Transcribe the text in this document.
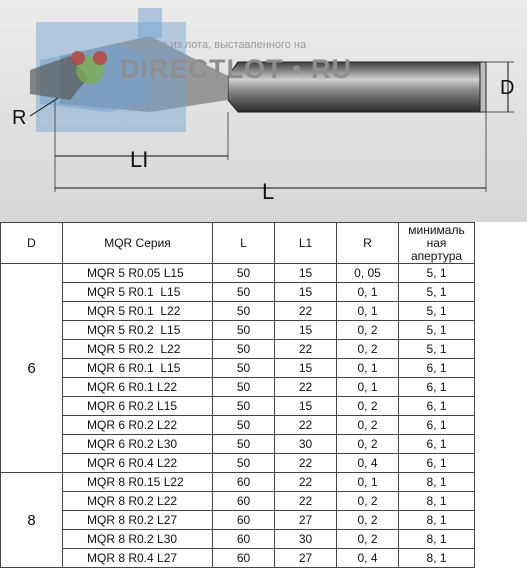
это фото из лота, выставленного на
DIRECTLOT • RU
R
LI
L
D
D	MQR Серия	L	L1	R	минималь
ная
апертура

6	MQR 5 R0.05 L15	50	15	0, 05	5, 1
	MQR 5 R0.1  L15	50	15	0, 1	5, 1
	MQR 5 R0.1  L22	50	22	0, 1	5, 1
	MQR 5 R0.2  L15	50	15	0, 2	5, 1
	MQR 5 R0.2  L22	50	22	0, 2	5, 1
	MQR 6 R0.1  L15	50	15	0, 1	6, 1
	MQR 6 R0.1 L22	50	22	0, 1	6, 1
	MQR 6 R0.2 L15	50	15	0, 2	6, 1
	MQR 6 R0.2 L22	50	22	0, 2	6, 1
	MQR 6 R0.2 L30	50	30	0, 2	6, 1
	MQR 6 R0.4 L22	50	22	0, 4	6, 1
8	MQR 8 R0.15 L22	60	22	0, 1	8, 1
	MQR 8 R0.2 L22	60	22	0, 2	8, 1
	MQR 8 R0.2 L27	60	27	0, 2	8, 1
	MQR 8 R0.2 L30	60	30	0, 2	8, 1
	MQR 8 R0.4 L27	60	27	0, 4	8, 1
